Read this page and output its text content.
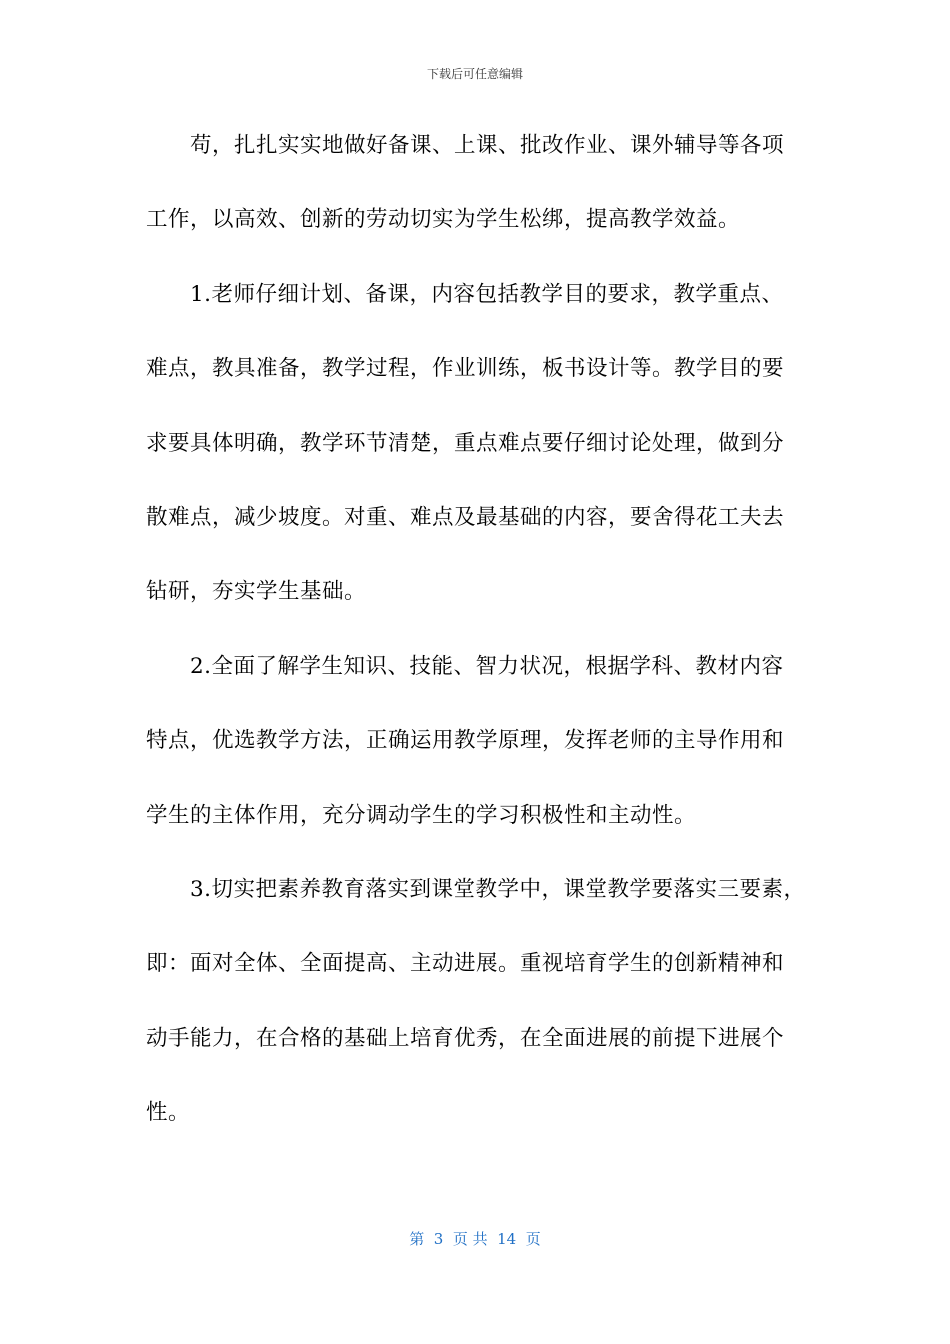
下载后可任意编辑
苟，扎扎实实地做好备课、上课、批改作业、课外辅导等各项
工作，以高效、创新的劳动切实为学生松绑，提高教学效益。
1.老师仔细计划、备课，内容包括教学目的要求，教学重点、
难点，教具准备，教学过程，作业训练，板书设计等。教学目的要
求要具体明确，教学环节清楚，重点难点要仔细讨论处理，做到分
散难点，减少坡度。对重、难点及最基础的内容，要舍得花工夫去
钻研，夯实学生基础。
2.全面了解学生知识、技能、智力状况，根据学科、教材内容
特点，优选教学方法，正确运用教学原理，发挥老师的主导作用和
学生的主体作用，充分调动学生的学习积极性和主动性。
3.切实把素养教育落实到课堂教学中，课堂教学要落实三要素，
即：面对全体、全面提高、主动进展。重视培育学生的创新精神和
动手能力，在合格的基础上培育优秀，在全面进展的前提下进展个
性。
第  3  页 共  14  页
